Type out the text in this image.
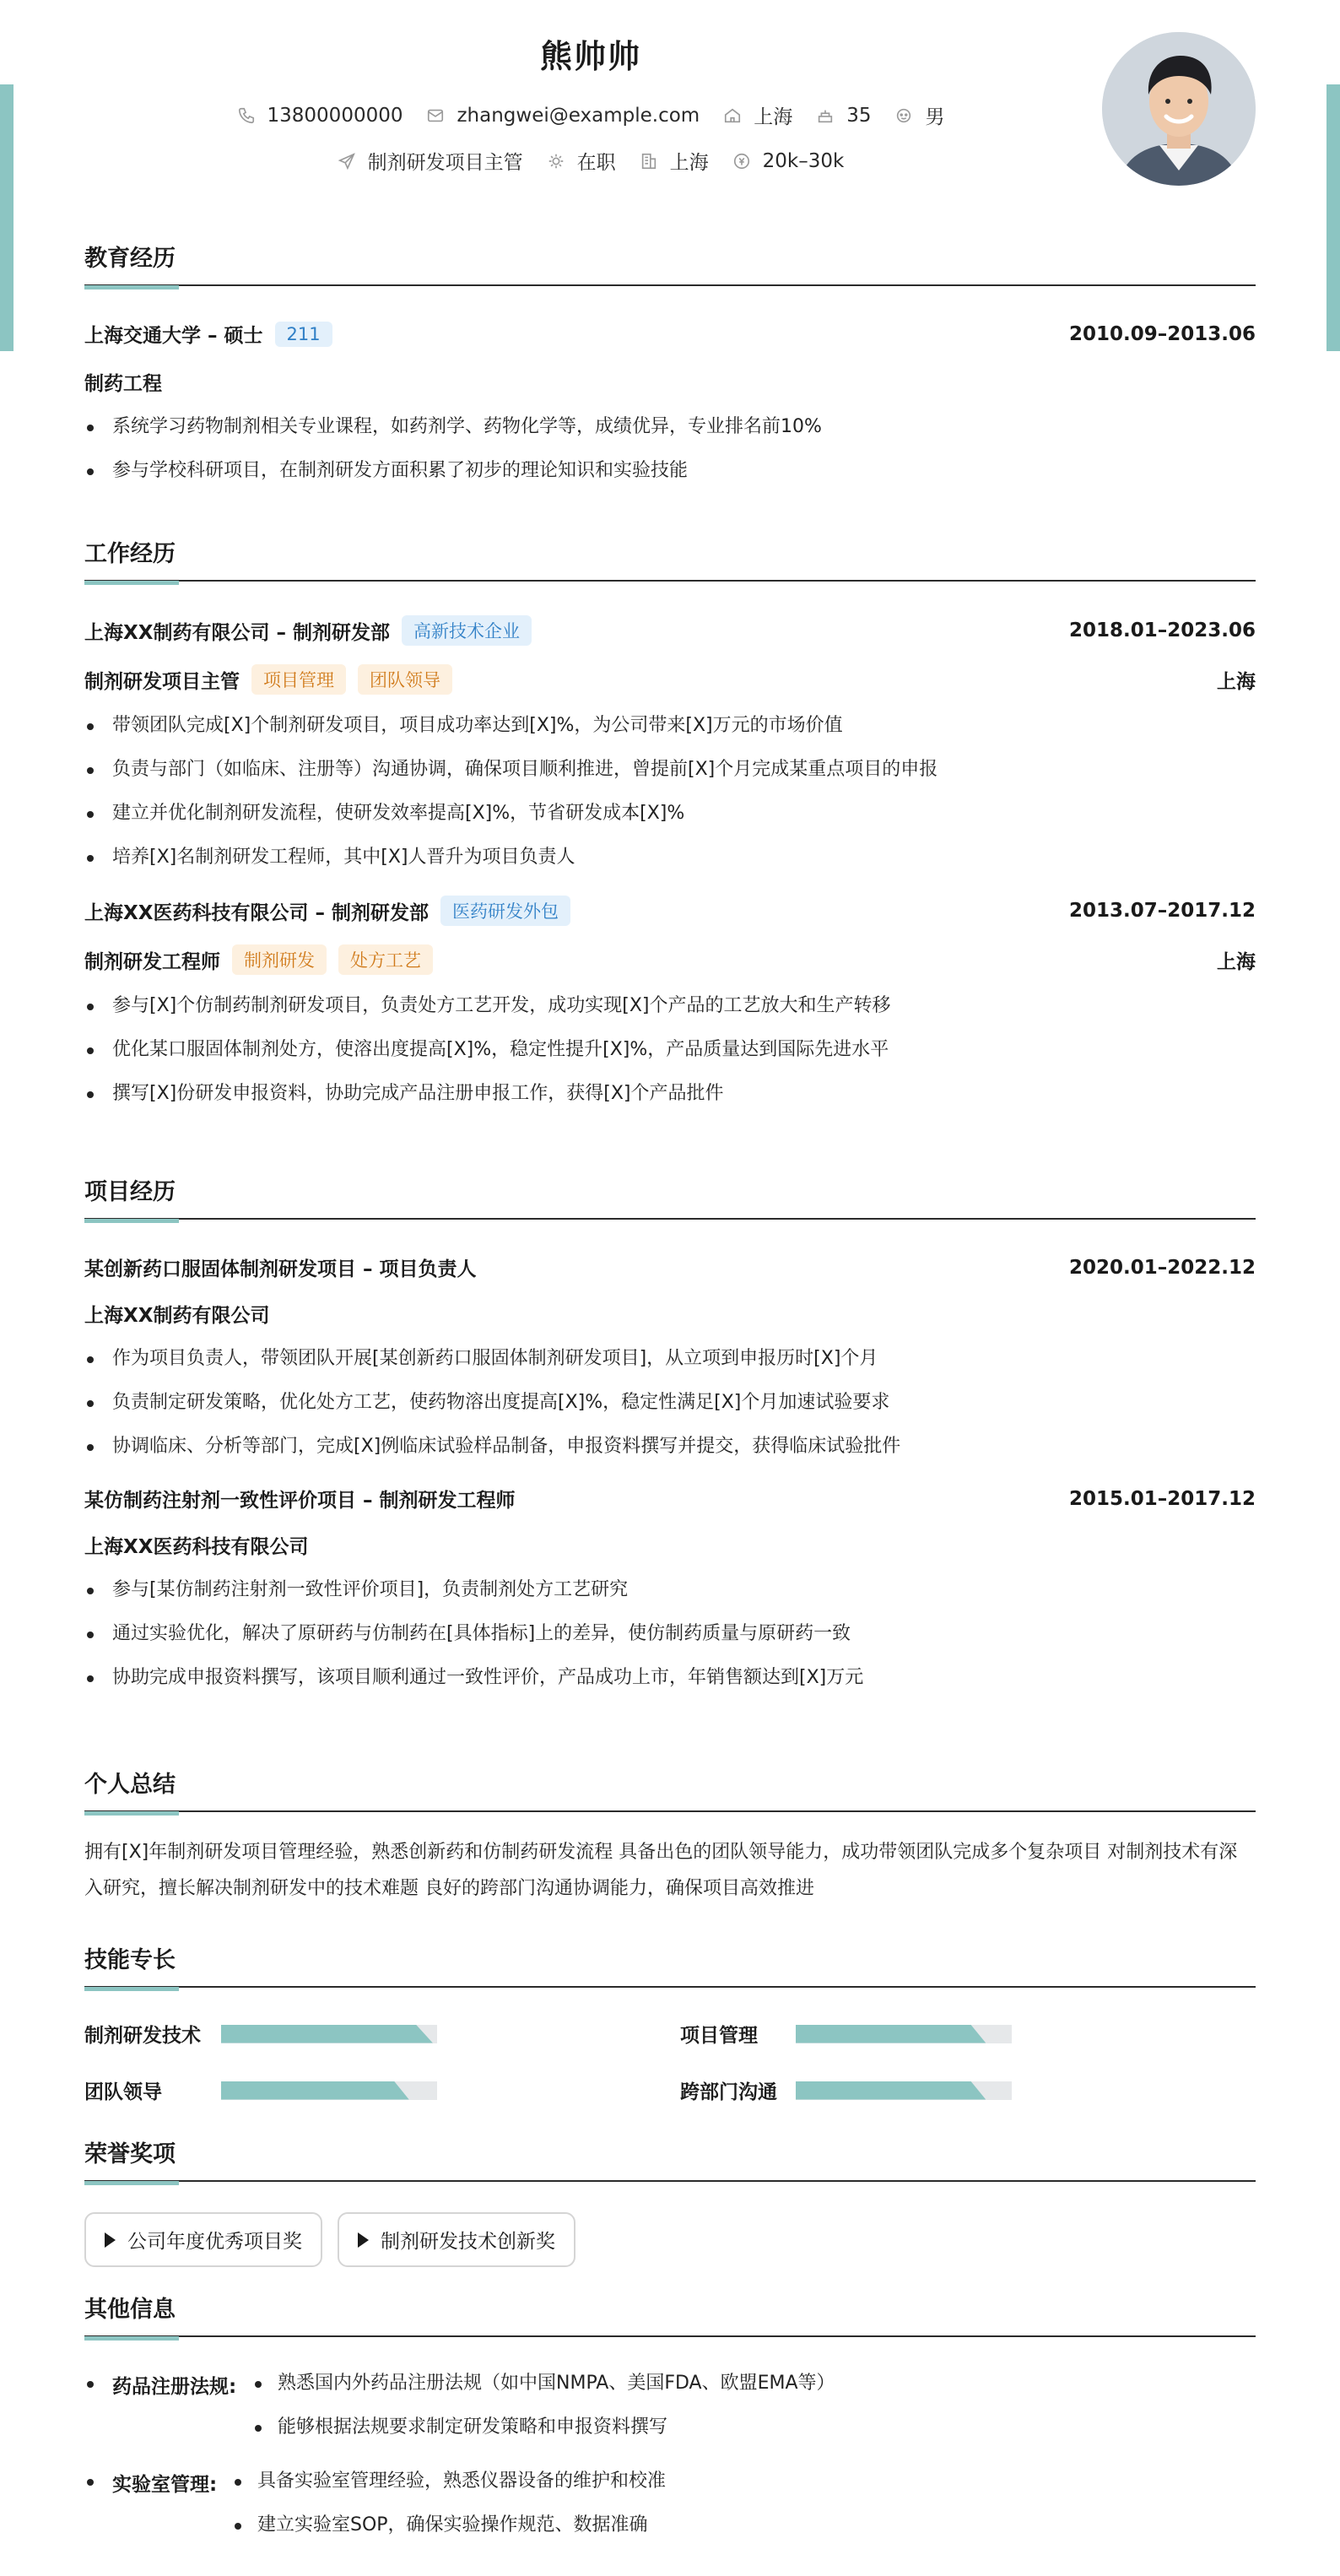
熊帅帅
13800000000	zhangwei@example.com	上海	35	男
制剂研发项目主管	在职	上海	20k–30k
教育经历
上海交通大学 – 硕士	211	2010.09–2013.06
制药工程
系统学习药物制剂相关专业课程，如药剂学、药物化学等，成绩优异，专业排名前10%
参与学校科研项目，在制剂研发方面积累了初步的理论知识和实验技能
工作经历
上海XX制药有限公司 – 制剂研发部	高新技术企业	2018.01–2023.06
制剂研发项目主管	项目管理	团队领导	上海
带领团队完成[X]个制剂研发项目，项目成功率达到[X]%，为公司带来[X]万元的市场价值
负责与部门（如临床、注册等）沟通协调，确保项目顺利推进，曾提前[X]个月完成某重点项目的申报
建立并优化制剂研发流程，使研发效率提高[X]%，节省研发成本[X]%
培养[X]名制剂研发工程师，其中[X]人晋升为项目负责人
上海XX医药科技有限公司 – 制剂研发部	医药研发外包	2013.07–2017.12
制剂研发工程师	制剂研发	处方工艺	上海
参与[X]个仿制药制剂研发项目，负责处方工艺开发，成功实现[X]个产品的工艺放大和生产转移
优化某口服固体制剂处方，使溶出度提高[X]%，稳定性提升[X]%，产品质量达到国际先进水平
撰写[X]份研发申报资料，协助完成产品注册申报工作，获得[X]个产品批件
项目经历
某创新药口服固体制剂研发项目 – 项目负责人	2020.01–2022.12
上海XX制药有限公司
作为项目负责人，带领团队开展[某创新药口服固体制剂研发项目]，从立项到申报历时[X]个月
负责制定研发策略，优化处方工艺，使药物溶出度提高[X]%，稳定性满足[X]个月加速试验要求
协调临床、分析等部门，完成[X]例临床试验样品制备，申报资料撰写并提交，获得临床试验批件
某仿制药注射剂一致性评价项目 – 制剂研发工程师	2015.01–2017.12
上海XX医药科技有限公司
参与[某仿制药注射剂一致性评价项目]，负责制剂处方工艺研究
通过实验优化，解决了原研药与仿制药在[具体指标]上的差异，使仿制药质量与原研药一致
协助完成申报资料撰写，该项目顺利通过一致性评价，产品成功上市，年销售额达到[X]万元
个人总结
拥有[X]年制剂研发项目管理经验，熟悉创新药和仿制药研发流程 具备出色的团队领导能力，成功带领团队完成多个复杂项目 对制剂技术有深入研究，擅长解决制剂研发中的技术难题 良好的跨部门沟通协调能力，确保项目高效推进
技能专长
制剂研发技术	项目管理
团队领导	跨部门沟通
荣誉奖项
公司年度优秀项目奖	制剂研发技术创新奖
其他信息
药品注册法规:	熟悉国内外药品注册法规（如中国NMPA、美国FDA、欧盟EMA等）
能够根据法规要求制定研发策略和申报资料撰写
实验室管理:	具备实验室管理经验，熟悉仪器设备的维护和校准
建立实验室SOP，确保实验操作规范、数据准确
